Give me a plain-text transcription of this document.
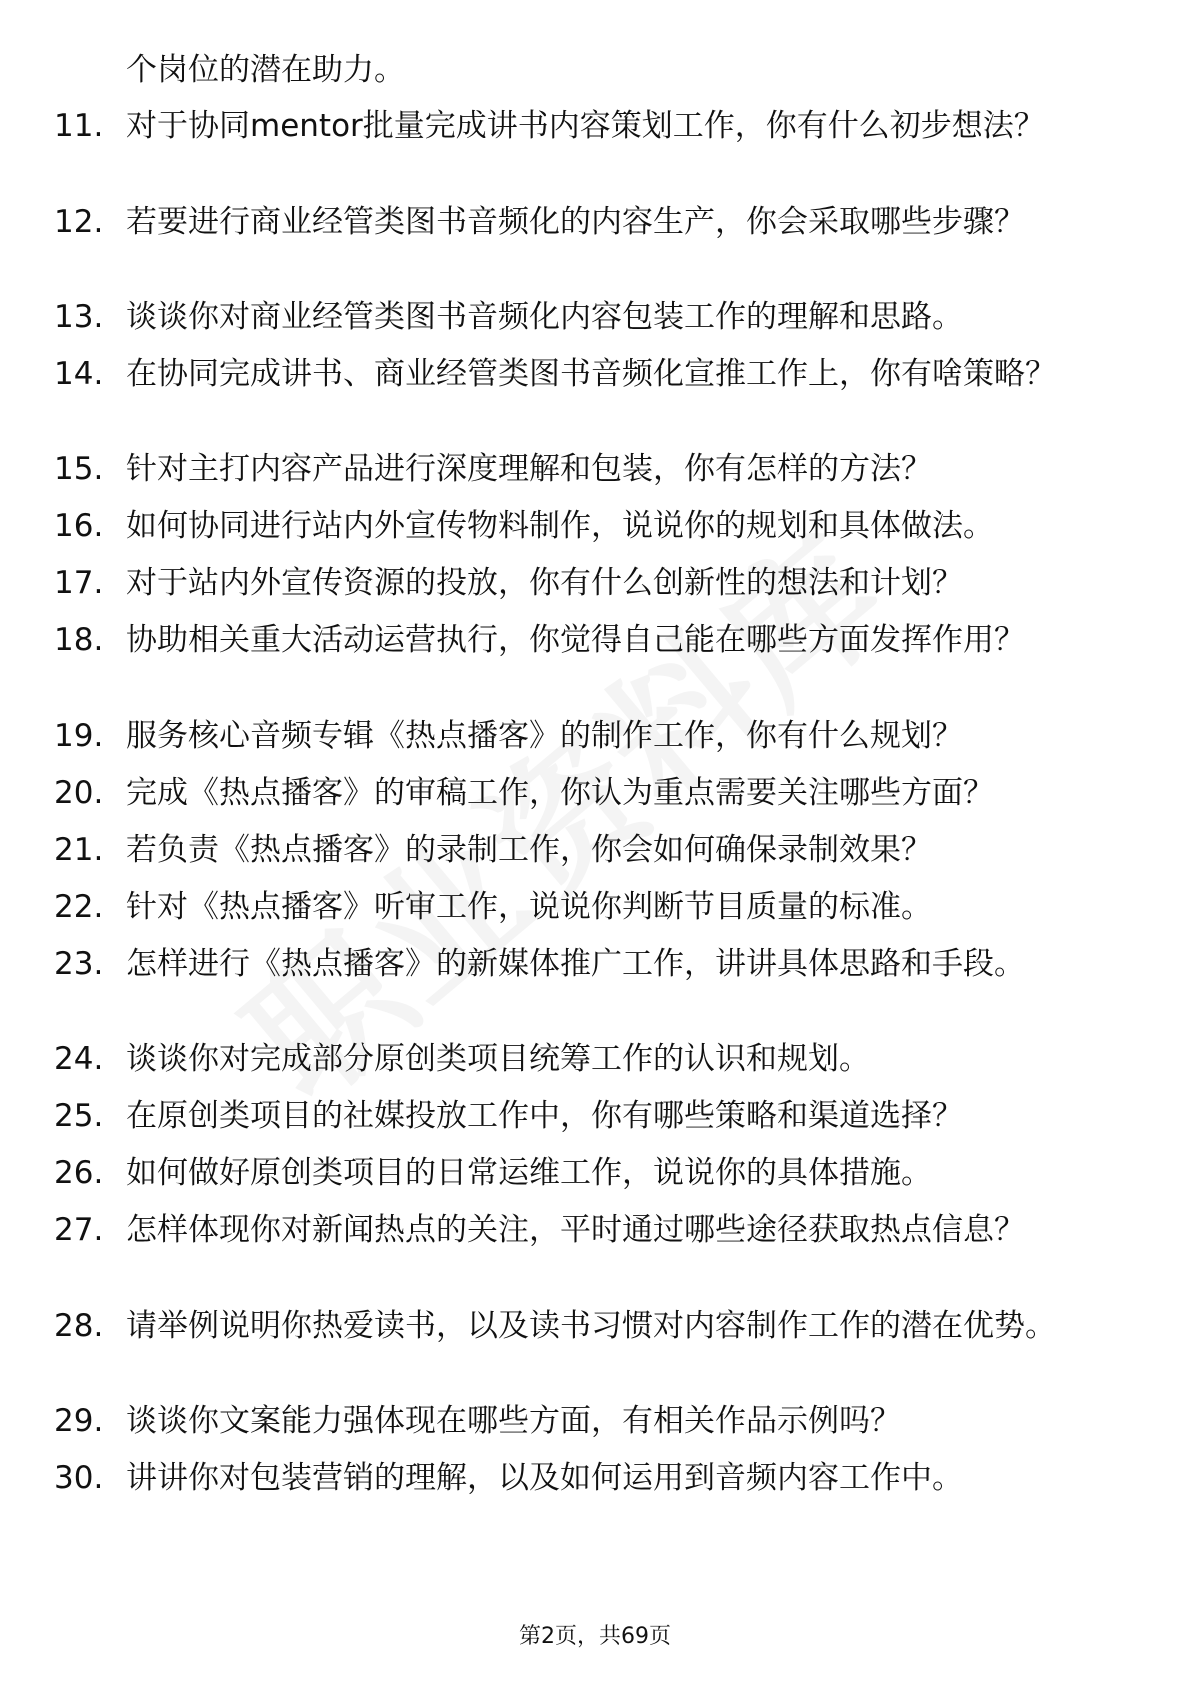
个岗位的潜在助力。

11. 对于协同mentor批量完成讲书内容策划工作，你有什么初步想法？
12. 若要进行商业经管类图书音频化的内容生产，你会采取哪些步骤？
13. 谈谈你对商业经管类图书音频化内容包装工作的理解和思路。
14. 在协同完成讲书、商业经管类图书音频化宣推工作上，你有啥策略？
15. 针对主打内容产品进行深度理解和包装，你有怎样的方法？
16. 如何协同进行站内外宣传物料制作，说说你的规划和具体做法。
17. 对于站内外宣传资源的投放，你有什么创新性的想法和计划？
18. 协助相关重大活动运营执行，你觉得自己能在哪些方面发挥作用？
19. 服务核心音频专辑《热点播客》的制作工作，你有什么规划？
20. 完成《热点播客》的审稿工作，你认为重点需要关注哪些方面？
21. 若负责《热点播客》的录制工作，你会如何确保录制效果？
22. 针对《热点播客》听审工作，说说你判断节目质量的标准。
23. 怎样进行《热点播客》的新媒体推广工作，讲讲具体思路和手段。
24. 谈谈你对完成部分原创类项目统筹工作的认识和规划。
25. 在原创类项目的社媒投放工作中，你有哪些策略和渠道选择？
26. 如何做好原创类项目的日常运维工作，说说你的具体措施。
27. 怎样体现你对新闻热点的关注，平时通过哪些途径获取热点信息？
28. 请举例说明你热爱读书，以及读书习惯对内容制作工作的潜在优势。
29. 谈谈你文案能力强体现在哪些方面，有相关作品示例吗？
30. 讲讲你对包装营销的理解，以及如何运用到音频内容工作中。
第2页，共69页
